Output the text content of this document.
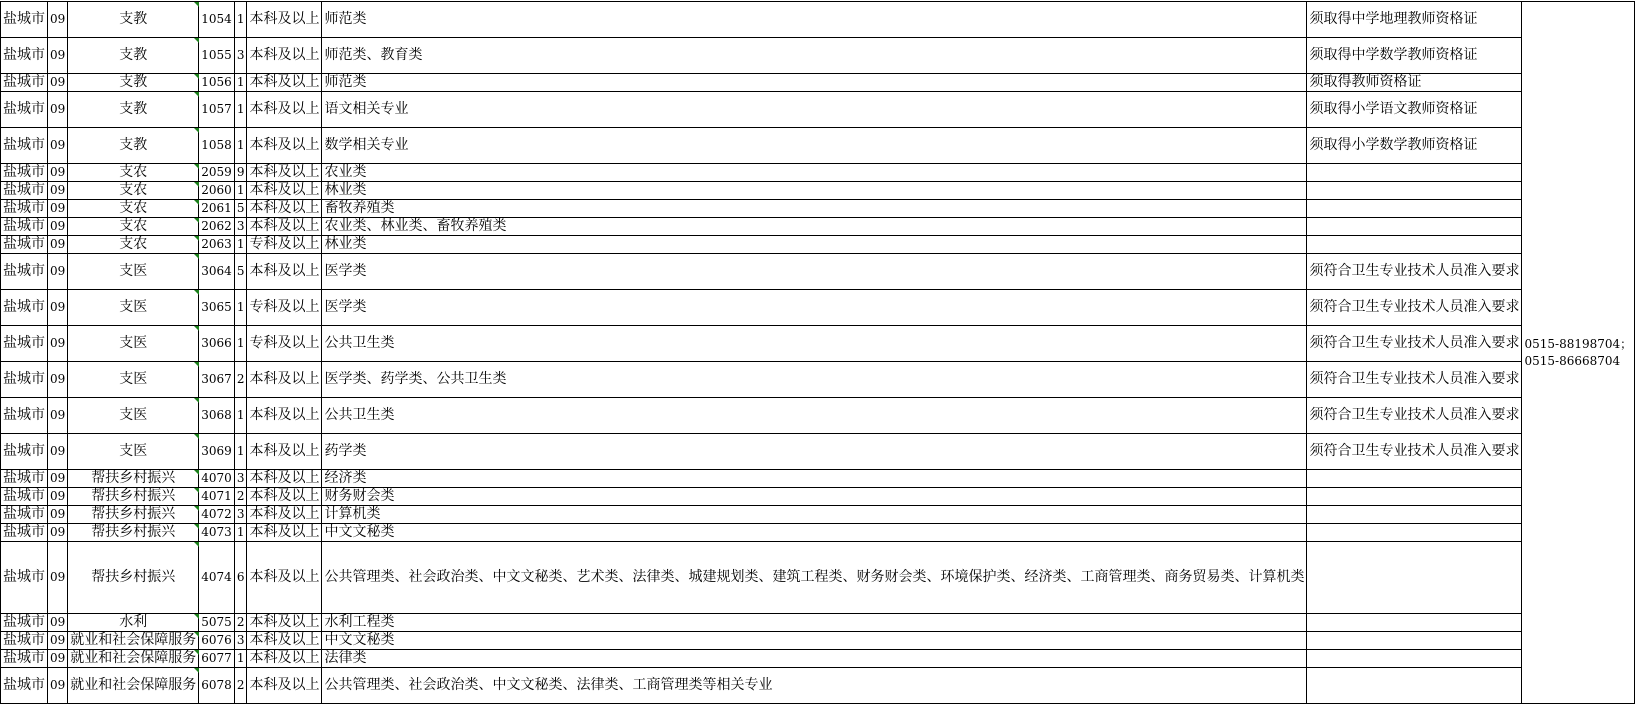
盐城市	09	支教	1054	1	本科及以上	师范类	须取得中学地理教师资格证	0515-88198704；
0515-86668704

盐城市	09	支教	1055	3	本科及以上	师范类、教育类	须取得中学数学教师资格证	
盐城市	09	支教	1056	1	本科及以上	师范类	须取得教师资格证	
盐城市	09	支教	1057	1	本科及以上	语文相关专业	须取得小学语文教师资格证	
盐城市	09	支教	1058	1	本科及以上	数学相关专业	须取得小学数学教师资格证	
盐城市	09	支农	2059	9	本科及以上	农业类		
盐城市	09	支农	2060	1	本科及以上	林业类		
盐城市	09	支农	2061	5	本科及以上	畜牧养殖类		
盐城市	09	支农	2062	3	本科及以上	农业类、林业类、畜牧养殖类		
盐城市	09	支农	2063	1	专科及以上	林业类		
盐城市	09	支医	3064	5	本科及以上	医学类	须符合卫生专业技术人员准入要求	
盐城市	09	支医	3065	1	专科及以上	医学类	须符合卫生专业技术人员准入要求	
盐城市	09	支医	3066	1	专科及以上	公共卫生类	须符合卫生专业技术人员准入要求	
盐城市	09	支医	3067	2	本科及以上	医学类、药学类、公共卫生类	须符合卫生专业技术人员准入要求	
盐城市	09	支医	3068	1	本科及以上	公共卫生类	须符合卫生专业技术人员准入要求	
盐城市	09	支医	3069	1	本科及以上	药学类	须符合卫生专业技术人员准入要求	
盐城市	09	帮扶乡村振兴	4070	3	本科及以上	经济类		
盐城市	09	帮扶乡村振兴	4071	2	本科及以上	财务财会类		
盐城市	09	帮扶乡村振兴	4072	3	本科及以上	计算机类		
盐城市	09	帮扶乡村振兴	4073	1	本科及以上	中文文秘类		
盐城市	09	帮扶乡村振兴	4074	6	本科及以上	公共管理类、社会政治类、中文文秘类、艺术类、法律类、城建规划类、建筑工程类、财务财会类、环境保护类、经济类、工商管理类、商务贸易类、计算机类		
盐城市	09	水利	5075	2	本科及以上	水利工程类		
盐城市	09	就业和社会保障服务	6076	3	本科及以上	中文文秘类		
盐城市	09	就业和社会保障服务	6077	1	本科及以上	法律类		
盐城市	09	就业和社会保障服务	6078	2	本科及以上	公共管理类、社会政治类、中文文秘类、法律类、工商管理类等相关专业		
